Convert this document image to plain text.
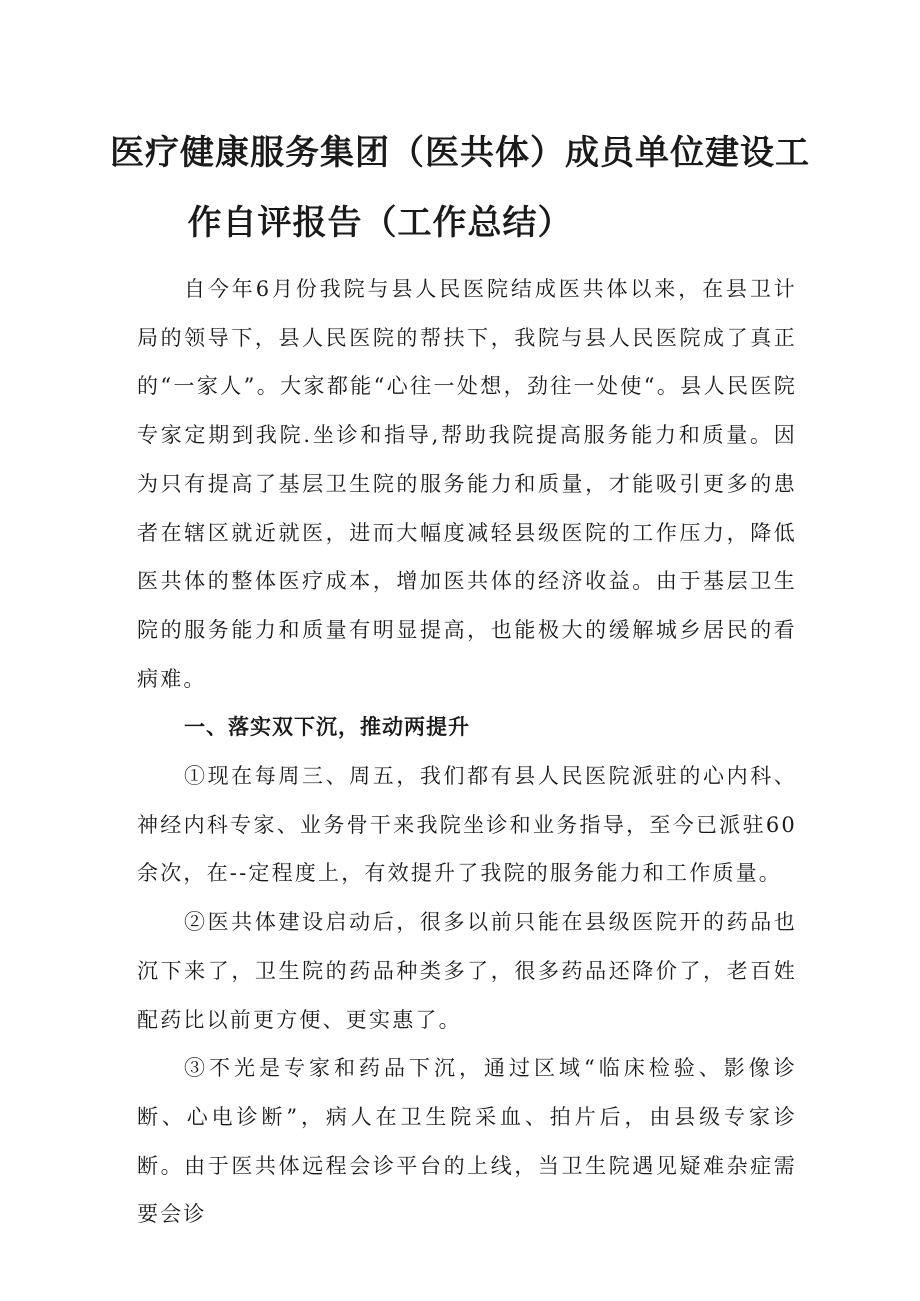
医疗健康服务集团（医共体）成员单位建设工
作自评报告（工作总结）

自今年6月份我院与县人民医院结成医共体以来，在县卫计局的领导下，县人民医院的帮扶下，我院与县人民医院成了真正的“一家人”。大家都能“心往一处想，劲往一处使“。县人民医院专家定期到我院.坐诊和指导,帮助我院提高服务能力和质量。因为只有提高了基层卫生院的服务能力和质量，才能吸引更多的患者在辖区就近就医，进而大幅度减轻县级医院的工作压力，降低医共体的整体医疗成本，增加医共体的经济收益。由于基层卫生院的服务能力和质量有明显提高，也能极大的缓解城乡居民的看病难。

一、落实双下沉，推动两提升

①现在每周三、周五，我们都有县人民医院派驻的心内科、神经内科专家、业务骨干来我院坐诊和业务指导，至今已派驻60余次，在--定程度上，有效提升了我院的服务能力和工作质量。

②医共体建设启动后，很多以前只能在县级医院开的药品也沉下来了，卫生院的药品种类多了，很多药品还降价了，老百姓配药比以前更方便、更实惠了。

③不光是专家和药品下沉，通过区域“临床检验、影像诊断、心电诊断”，病人在卫生院采血、拍片后，由县级专家诊断。由于医共体远程会诊平台的上线，当卫生院遇见疑难杂症需要会诊
